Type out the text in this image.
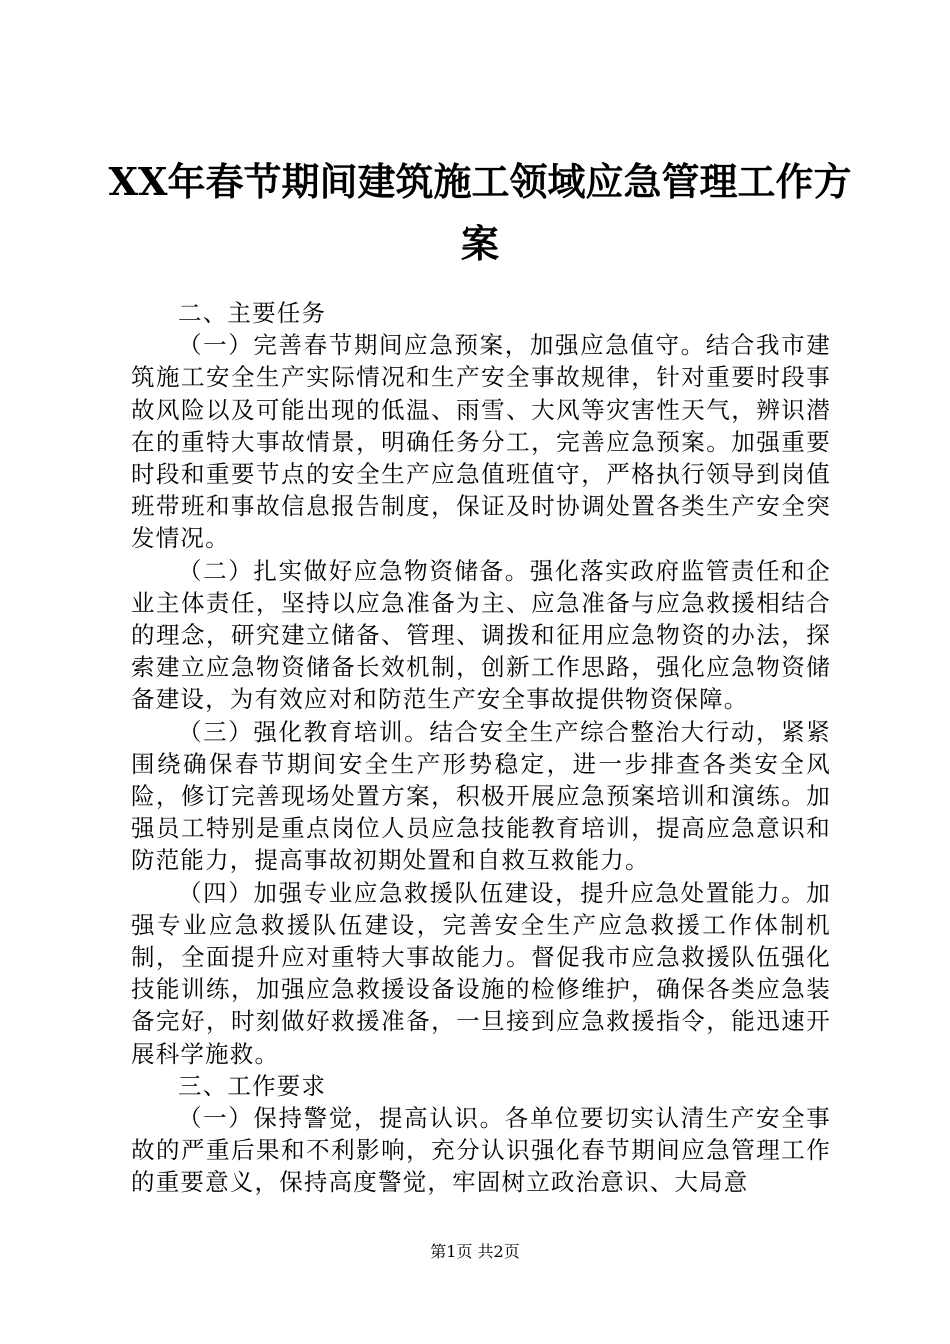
XX年春节期间建筑施工领域应急管理工作方
案

二、主要任务

（一）完善春节期间应急预案，加强应急值守。结合我市建筑施工安全生产实际情况和生产安全事故规律，针对重要时段事故风险以及可能出现的低温、雨雪、大风等灾害性天气，辨识潜在的重特大事故情景，明确任务分工，完善应急预案。加强重要时段和重要节点的安全生产应急值班值守，严格执行领导到岗值班带班和事故信息报告制度，保证及时协调处置各类生产安全突发情况。

（二）扎实做好应急物资储备。强化落实政府监管责任和企业主体责任，坚持以应急准备为主、应急准备与应急救援相结合的理念，研究建立储备、管理、调拨和征用应急物资的办法，探索建立应急物资储备长效机制，创新工作思路，强化应急物资储备建设，为有效应对和防范生产安全事故提供物资保障。

（三）强化教育培训。结合安全生产综合整治大行动，紧紧围绕确保春节期间安全生产形势稳定，进一步排查各类安全风险，修订完善现场处置方案，积极开展应急预案培训和演练。加强员工特别是重点岗位人员应急技能教育培训，提高应急意识和防范能力，提高事故初期处置和自救互救能力。

（四）加强专业应急救援队伍建设，提升应急处置能力。加强专业应急救援队伍建设，完善安全生产应急救援工作体制机制，全面提升应对重特大事故能力。督促我市应急救援队伍强化技能训练，加强应急救援设备设施的检修维护，确保各类应急装备完好，时刻做好救援准备，一旦接到应急救援指令，能迅速开展科学施救。

三、工作要求

（一）保持警觉，提高认识。各单位要切实认清生产安全事故的严重后果和不利影响，充分认识强化春节期间应急管理工作的重要意义，保持高度警觉，牢固树立政治意识、大局意

第1页 共2页
